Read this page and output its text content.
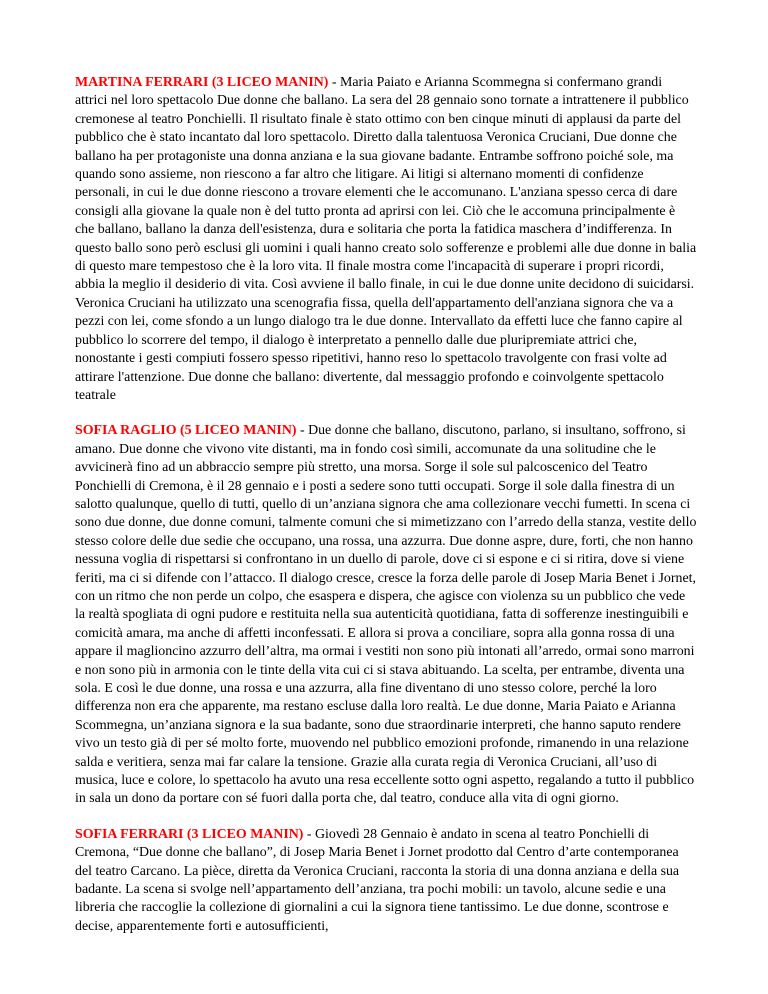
MARTINA FERRARI (3 LICEO MANIN) - Maria Paiato e Arianna Scommegna si confermano grandi attrici nel loro spettacolo Due donne che ballano. La sera del 28 gennaio sono tornate a intrattenere il pubblico cremonese al teatro Ponchielli. Il risultato finale è stato ottimo con ben cinque minuti di applausi da parte del pubblico che è stato incantato dal loro spettacolo. Diretto dalla talentuosa Veronica Cruciani, Due donne che ballano ha per protagoniste una donna anziana e la sua giovane badante. Entrambe soffrono poiché sole, ma quando sono assieme, non riescono a far altro che litigare. Ai litigi si alternano momenti di confidenze personali, in cui le due donne riescono a trovare elementi che le accomunano. L'anziana spesso cerca di dare consigli alla giovane la quale non è del tutto pronta ad aprirsi con lei. Ciò che le accomuna principalmente è che ballano, ballano la danza dell'esistenza, dura e solitaria che porta la fatidica maschera d’indifferenza. In questo ballo sono però esclusi gli uomini i quali hanno creato solo sofferenze e problemi alle due donne in balia di questo mare tempestoso che è la loro vita. Il finale mostra come l'incapacità di superare i propri ricordi, abbia la meglio il desiderio di vita. Così avviene il ballo finale, in cui le due donne unite decidono di suicidarsi. Veronica Cruciani ha utilizzato una scenografia fissa, quella dell'appartamento dell'anziana signora che va a pezzi con lei, come sfondo a un lungo dialogo tra le due donne. Intervallato da effetti luce che fanno capire al pubblico lo scorrere del tempo, il dialogo è interpretato a pennello dalle due pluripremiate attrici che, nonostante i gesti compiuti fossero spesso ripetitivi, hanno reso lo spettacolo travolgente con frasi volte ad attirare l'attenzione. Due donne che ballano: divertente, dal messaggio profondo e coinvolgente spettacolo teatrale

SOFIA RAGLIO (5 LICEO MANIN) - Due donne che ballano, discutono, parlano, si insultano, soffrono, si amano. Due donne che vivono vite distanti, ma in fondo così simili, accomunate da una solitudine che le avvicinerà fino ad un abbraccio sempre più stretto, una morsa. Sorge il sole sul palcoscenico del Teatro Ponchielli di Cremona, è il 28 gennaio e i posti a sedere sono tutti occupati. Sorge il sole dalla finestra di un salotto qualunque, quello di tutti, quello di un’anziana signora che ama collezionare vecchi fumetti. In scena ci sono due donne, due donne comuni, talmente comuni che si mimetizzano con l’arredo della stanza, vestite dello stesso colore delle due sedie che occupano, una rossa, una azzurra. Due donne aspre, dure, forti, che non hanno nessuna voglia di rispettarsi si confrontano in un duello di parole, dove ci si espone e ci si ritira, dove si viene feriti, ma ci si difende con l’attacco. Il dialogo cresce, cresce la forza delle parole di Josep Maria Benet i Jornet, con un ritmo che non perde un colpo, che esaspera e dispera, che agisce con violenza su un pubblico che vede la realtà spogliata di ogni pudore e restituita nella sua autenticità quotidiana, fatta di sofferenze inestinguibili e comicità amara, ma anche di affetti inconfessati. E allora si prova a conciliare, sopra alla gonna rossa di una appare il maglioncino azzurro dell’altra, ma ormai i vestiti non sono più intonati all’arredo, ormai sono marroni e non sono più in armonia con le tinte della vita cui ci si stava abituando. La scelta, per entrambe, diventa una sola. E così le due donne, una rossa e una azzurra, alla fine diventano di uno stesso colore, perché la loro differenza non era che apparente, ma restano escluse dalla loro realtà. Le due donne, Maria Paiato e Arianna Scommegna, un’anziana signora e la sua badante, sono due straordinarie interpreti, che hanno saputo rendere vivo un testo già di per sé molto forte, muovendo nel pubblico emozioni profonde, rimanendo in una relazione salda e veritiera, senza mai far calare la tensione. Grazie alla curata regia di Veronica Cruciani, all’uso di musica, luce e colore, lo spettacolo ha avuto una resa eccellente sotto ogni aspetto, regalando a tutto il pubblico in sala un dono da portare con sé fuori dalla porta che, dal teatro, conduce alla vita di ogni giorno.

SOFIA FERRARI (3 LICEO MANIN) - Giovedì 28 Gennaio è andato in scena al teatro Ponchielli di Cremona, “Due donne che ballano”, di Josep Maria Benet i Jornet prodotto dal Centro d’arte contemporanea del teatro Carcano. La pièce, diretta da Veronica Cruciani, racconta la storia di una donna anziana e della sua badante. La scena si svolge nell’appartamento dell’anziana, tra pochi mobili: un tavolo, alcune sedie e una libreria che raccoglie la collezione di giornalini a cui la signora tiene tantissimo. Le due donne, scontrose e decise, apparentemente forti e autosufficienti,
